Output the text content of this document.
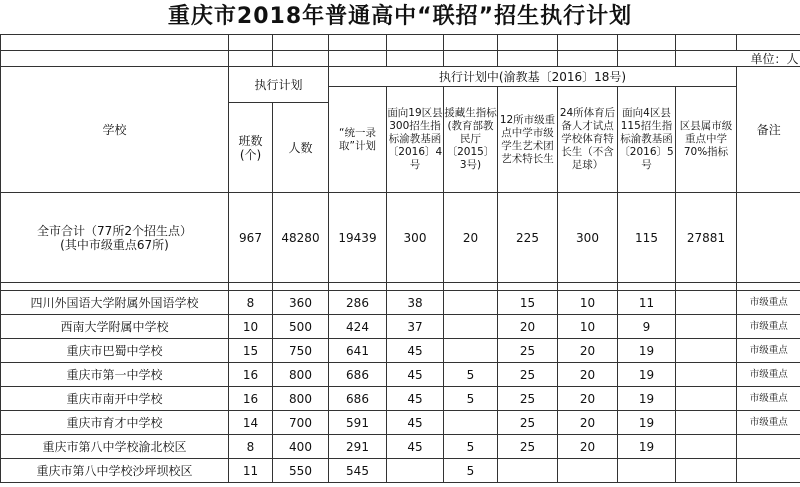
重庆市2018年普通高中“联招”招生执行计划

									单位：人	
学校	执行计划		执行计划中(渝教基〔2016〕18号)							备注
			“统一录取”计划	面向19区县300招生指标渝教基函〔2016〕4号	援藏生指标(教育部教民厅〔2015〕3号)	12所市级重点中学市级学生艺术团艺术特长生	24所体育后备人才试点学校体育特长生（不含足球）	面向4区县115招生指标渝教基函〔2016〕5号	区县属市级重点中学70%指标	
	班数(个)	人数								

全市合计（77所2个招生点）
(其中市级重点67所)	967	48280	19439	300	20	225	300	115	27881	

四川外国语大学附属外国语学校	8	360	286	38		15	10	11		市级重点
西南大学附属中学校	10	500	424	37		20	10	9		市级重点
重庆市巴蜀中学校	15	750	641	45		25	20	19		市级重点
重庆市第一中学校	16	800	686	45	5	25	20	19		市级重点
重庆市南开中学校	16	800	686	45	5	25	20	19		市级重点
重庆市育才中学校	14	700	591	45		25	20	19		市级重点
重庆市第八中学校渝北校区	8	400	291	45	5	25	20	19		
重庆市第八中学校沙坪坝校区	11	550	545		5					
